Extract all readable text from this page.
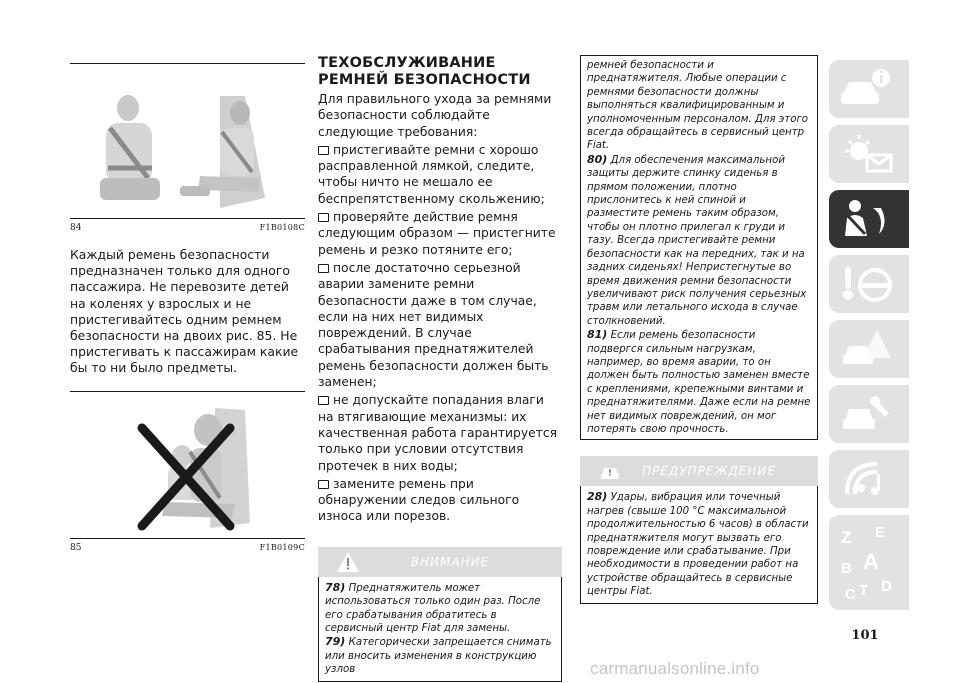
84	F1B0108C
Каждый ремень безопасности предназначен только для одного пассажира. Не перевозите детей на коленях у взрослых и не пристегивайтесь одним ремнем безопасности на двоих рис. 85. Не пристегивать к пассажирам какие бы то ни было предметы.
85	F1B0109C
ТЕХОБСЛУЖИВАНИЕ РЕМНЕЙ БЕЗОПАСНОСТИ
Для правильного ухода за ремнями безопасности соблюдайте следующие требования:
пристегивайте ремни с хорошо расправленной лямкой, следите, чтобы ничто не мешало ее беспрепятственному скольжению;
проверяйте действие ремня следующим образом — пристегните ремень и резко потяните его;
после достаточно серьезной аварии замените ремни безопасности даже в том случае, если на них нет видимых повреждений. В случае срабатывания преднатяжителей ремень безопасности должен быть заменен;
не допускайте попадания влаги на втягивающие механизмы: их качественная работа гарантируется только при условии отсутствия протечек в них воды;
замените ремень при обнаружении следов сильного износа или порезов.
ВНИМАНИЕ
78) Преднатяжитель может использоваться только один раз. После его срабатывания обратитесь в сервисный центр Fiat для замены.
79) Категорически запрещается снимать или вносить изменения в конструкцию узлов
ремней безопасности и преднатяжителя. Любые операции с ремнями безопасности должны выполняться квалифицированным и уполномоченным персоналом. Для этого всегда обращайтесь в сервисный центр Fiat.
80) Для обеспечения максимальной защиты держите спинку сиденья в прямом положении, плотно прислонитесь к ней спиной и разместите ремень таким образом, чтобы он плотно прилегал к груди и тазу. Всегда пристегивайте ремни безопасности как на передних, так и на задних сиденьях! Непристегнутые во время движения ремни безопасности увеличивают риск получения серьезных травм или летального исхода в случае столкновений.
81) Если ремень безопасности подвергся сильным нагрузкам, например, во время аварии, то он должен быть полностью заменен вместе с креплениями, крепежными винтами и преднатяжителями. Даже если на ремне нет видимых повреждений, он мог потерять свою прочность.
ПРЕДУПРЕЖДЕНИЕ
28) Удары, вибрация или точечный нагрев (свыше 100 °C максимальной продолжительностью 6 часов) в области преднатяжителя могут вызвать его повреждение или срабатывание. При необходимости в проведении работ на устройстве обращайтесь в сервисные центры Fiat.
Z E
B A
C T D
101
carmanualsonline.info
